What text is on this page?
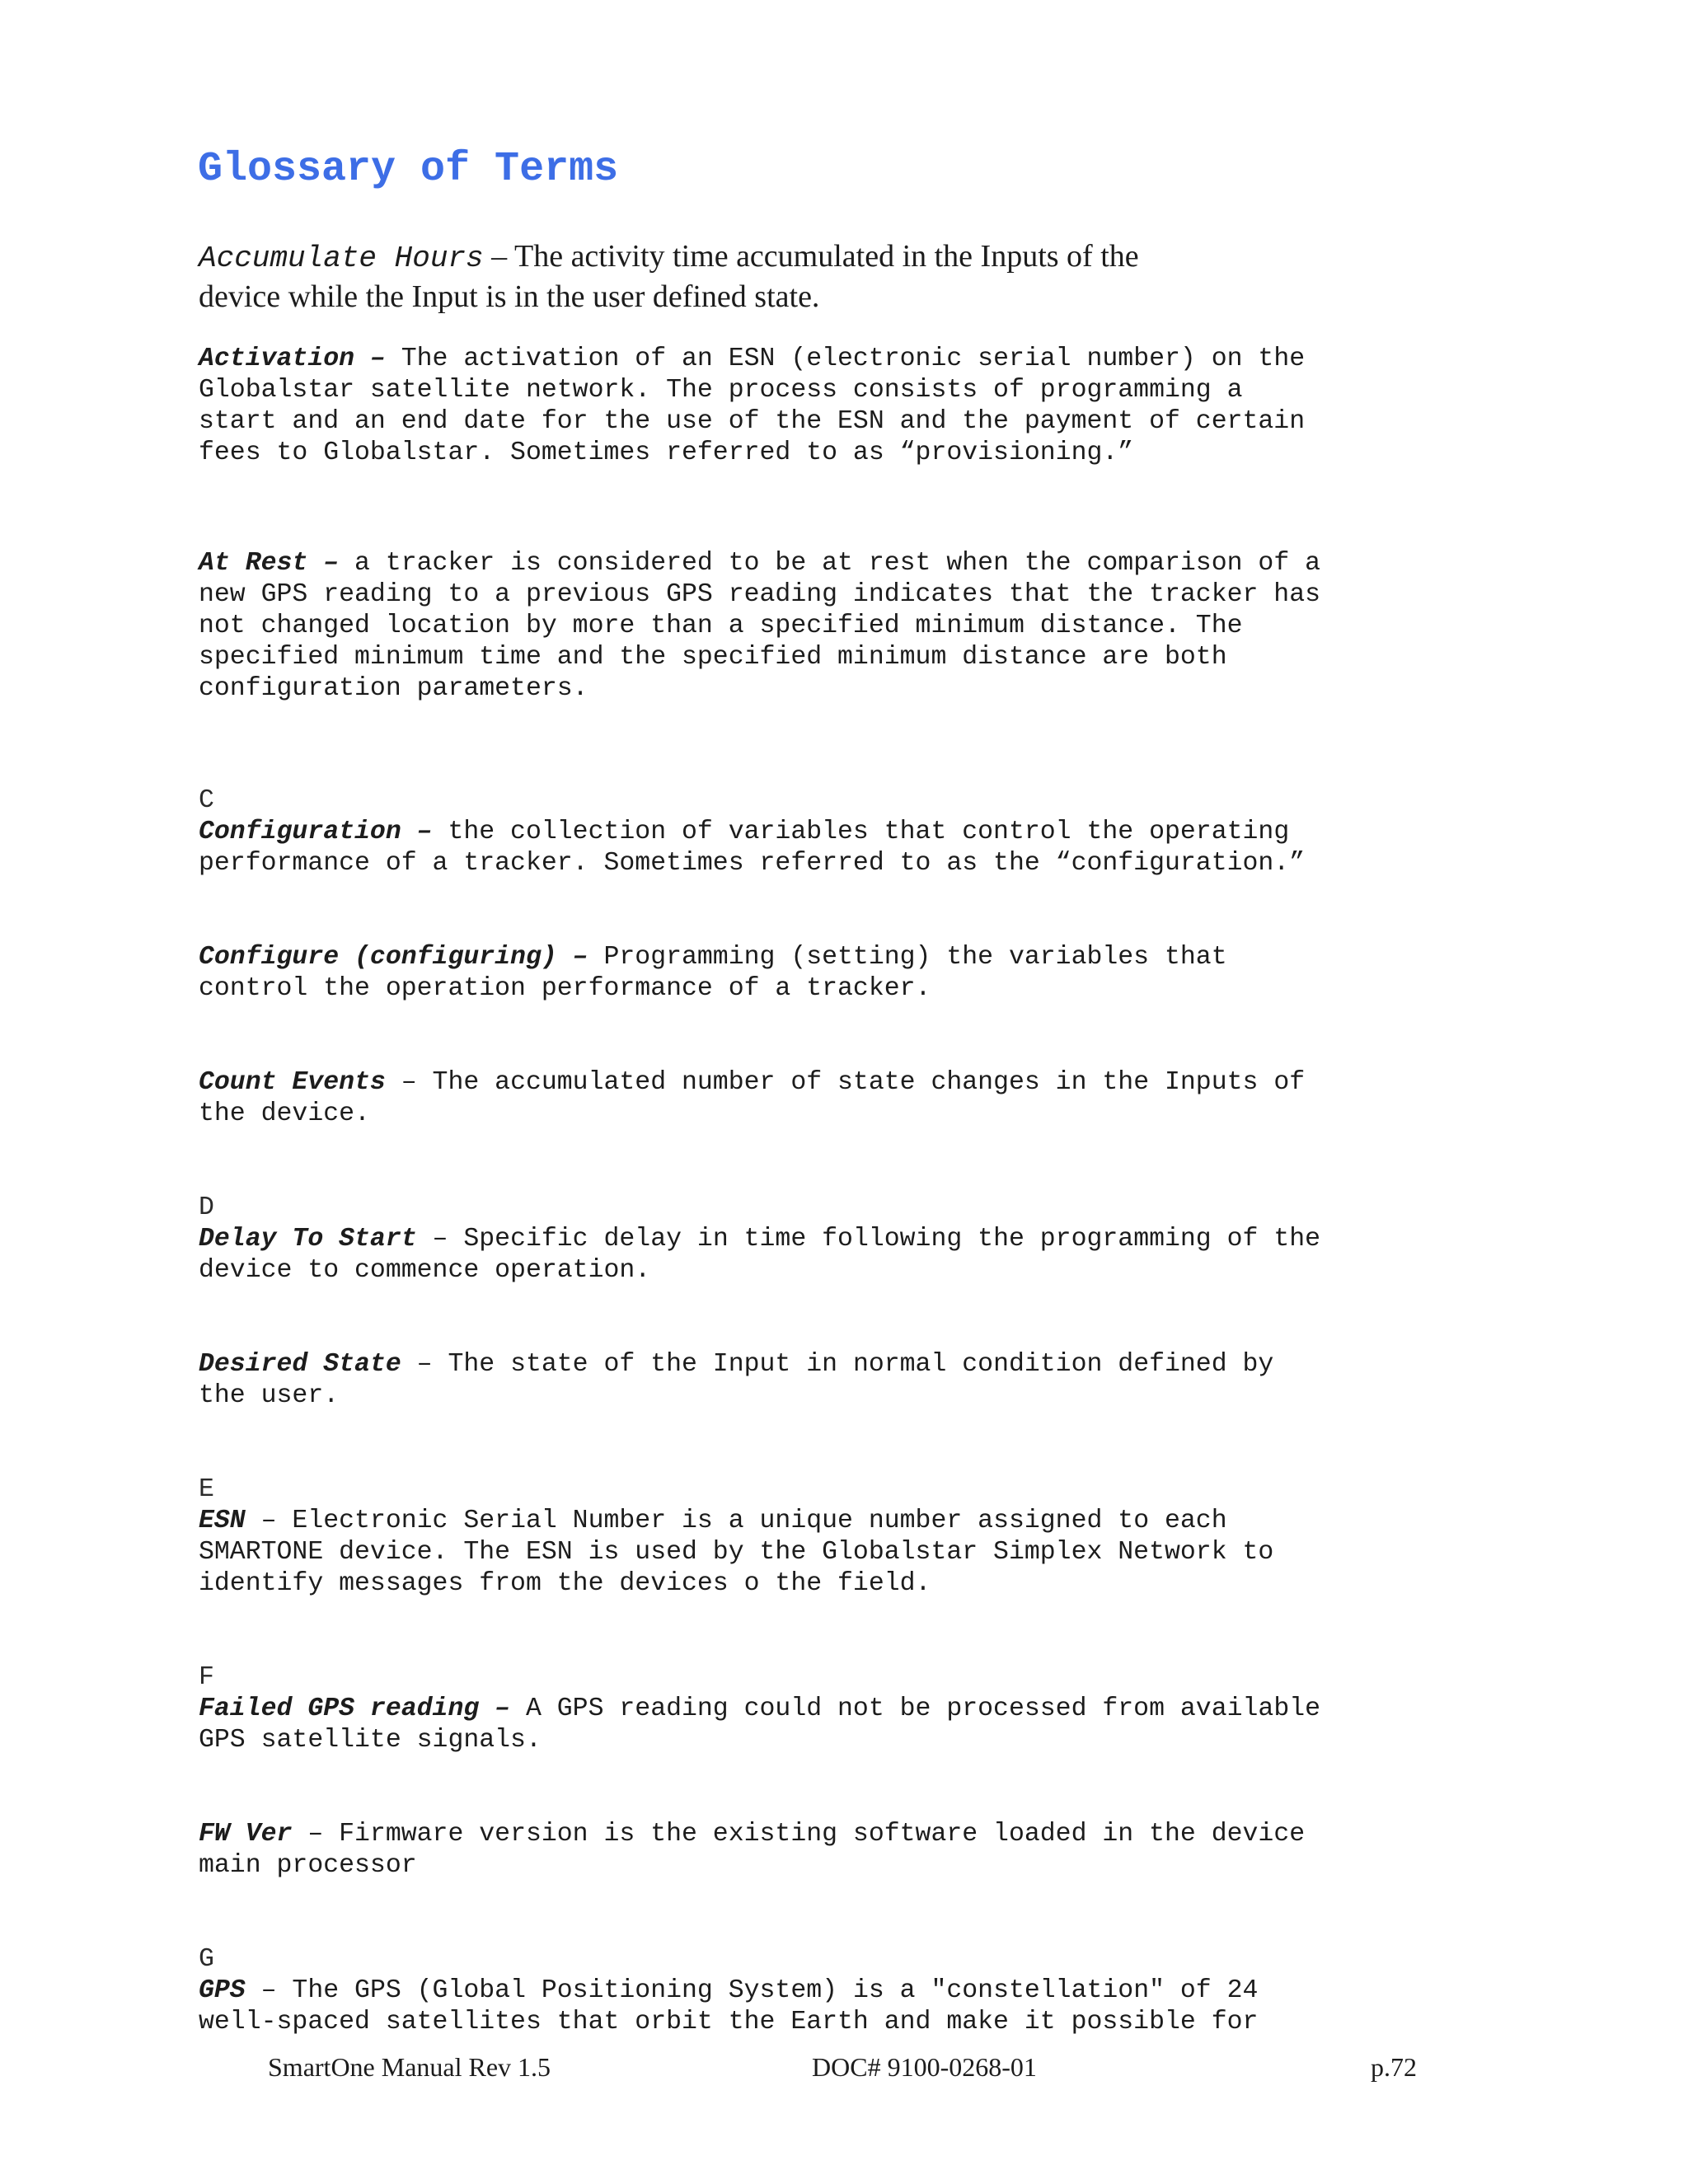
Glossary of Terms

Accumulate Hours – The activity time accumulated in the Inputs of the
device while the Input is in the user defined state.

Activation – The activation of an ESN (electronic serial number) on the
Globalstar satellite network. The process consists of programming a
start and an end date for the use of the ESN and the payment of certain
fees to Globalstar. Sometimes referred to as “provisioning.”

At Rest – a tracker is considered to be at rest when the comparison of a
new GPS reading to a previous GPS reading indicates that the tracker has
not changed location by more than a specified minimum distance. The
specified minimum time and the specified minimum distance are both
configuration parameters.

C

Configuration – the collection of variables that control the operating
performance of a tracker. Sometimes referred to as the “configuration.”

Configure (configuring) – Programming (setting) the variables that
control the operation performance of a tracker.

Count Events – The accumulated number of state changes in the Inputs of
the device.

D

Delay To Start – Specific delay in time following the programming of the
device to commence operation.

Desired State – The state of the Input in normal condition defined by
the user.

E

ESN – Electronic Serial Number is a unique number assigned to each
SMARTONE device. The ESN is used by the Globalstar Simplex Network to
identify messages from the devices o the field.

F

Failed GPS reading – A GPS reading could not be processed from available
GPS satellite signals.

FW Ver – Firmware version is the existing software loaded in the device
main processor

G

GPS – The GPS (Global Positioning System) is a "constellation" of 24
well-spaced satellites that orbit the Earth and make it possible for

SmartOne Manual Rev 1.5	DOC# 9100-0268-01	p.72
